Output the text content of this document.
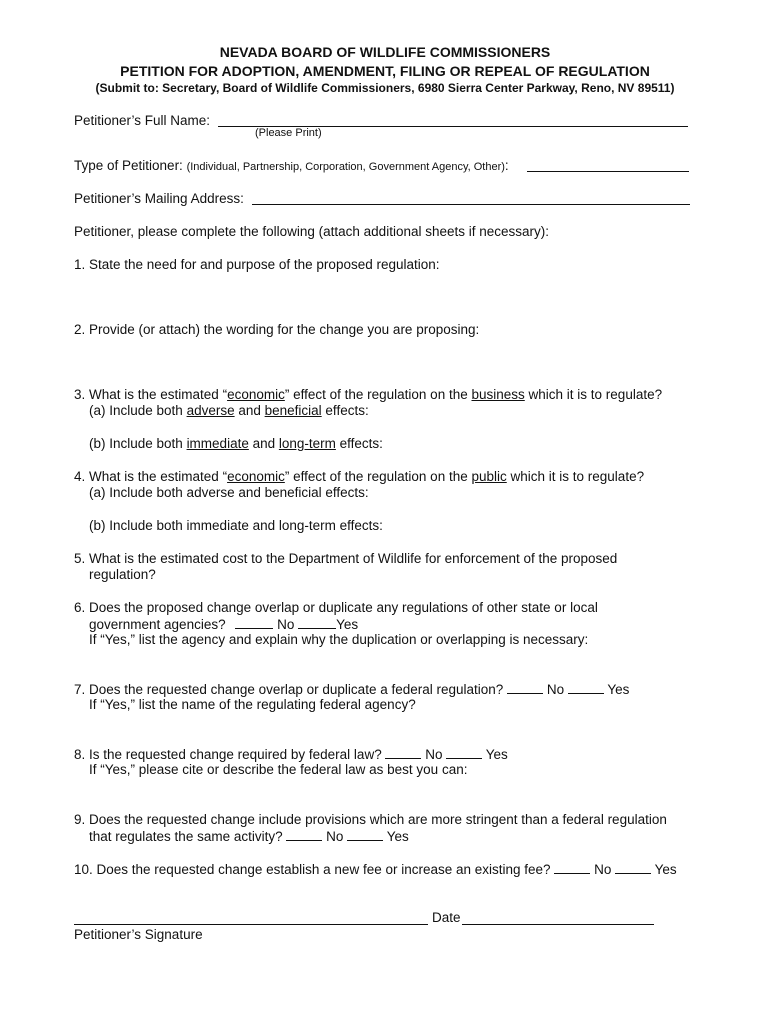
NEVADA BOARD OF WILDLIFE COMMISSIONERS
PETITION FOR ADOPTION, AMENDMENT, FILING OR REPEAL OF REGULATION
(Submit to: Secretary, Board of Wildlife Commissioners, 6980 Sierra Center Parkway, Reno, NV 89511)
Petitioner’s Full Name:
(Please Print)
Type of Petitioner: (Individual, Partnership, Corporation, Government Agency, Other):
Petitioner’s Mailing Address:
Petitioner, please complete the following (attach additional sheets if necessary):
1. State the need for and purpose of the proposed regulation:
2. Provide (or attach) the wording for the change you are proposing:
3. What is the estimated “economic” effect of the regulation on the business which it is to regulate?
(a) Include both adverse and beneficial effects:
(b) Include both immediate and long-term effects:
4. What is the estimated “economic” effect of the regulation on the public which it is to regulate?
(a) Include both adverse and beneficial effects:
(b) Include both immediate and long-term effects:
5. What is the estimated cost to the Department of Wildlife for enforcement of the proposed
regulation?
6. Does the proposed change overlap or duplicate any regulations of other state or local
government agencies?	No	Yes
If “Yes,” list the agency and explain why the duplication or overlapping is necessary:
7. Does the requested change overlap or duplicate a federal regulation?	No	Yes
If “Yes,” list the name of the regulating federal agency?
8. Is the requested change required by federal law?	No	Yes
If “Yes,” please cite or describe the federal law as best you can:
9. Does the requested change include provisions which are more stringent than a federal regulation
that regulates the same activity?	No	Yes
10. Does the requested change establish a new fee or increase an existing fee?	No	Yes
Date
Petitioner’s Signature
